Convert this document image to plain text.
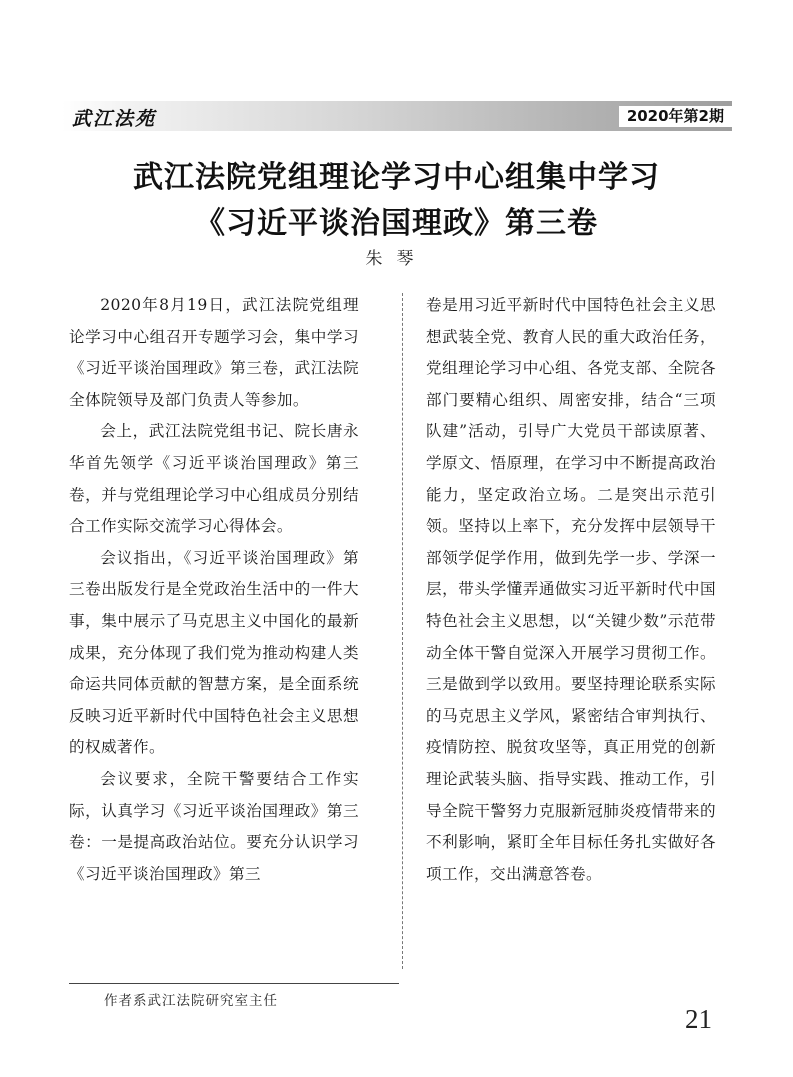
武江法苑	2020年第2期
武江法院党组理论学习中心组集中学习
《习近平谈治国理政》第三卷
朱琴

2020年8月19日，武江法院党组理论学习中心组召开专题学习会，集中学习《习近平谈治国理政》第三卷，武江法院全体院领导及部门负责人等参加。

会上，武江法院党组书记、院长唐永华首先领学《习近平谈治国理政》第三卷，并与党组理论学习中心组成员分别结合工作实际交流学习心得体会。

会议指出，《习近平谈治国理政》第三卷出版发行是全党政治生活中的一件大事，集中展示了马克思主义中国化的最新成果，充分体现了我们党为推动构建人类命运共同体贡献的智慧方案，是全面系统反映习近平新时代中国特色社会主义思想的权威著作。

会议要求，全院干警要结合工作实际，认真学习《习近平谈治国理政》第三卷：一是提高政治站位。要充分认识学习《习近平谈治国理政》第三

卷是用习近平新时代中国特色社会主义思想武装全党、教育人民的重大政治任务，党组理论学习中心组、各党支部、全院各部门要精心组织、周密安排，结合“三项队建”活动，引导广大党员干部读原著、学原文、悟原理，在学习中不断提高政治能力，坚定政治立场。二是突出示范引领。坚持以上率下，充分发挥中层领导干部领学促学作用，做到先学一步、学深一层，带头学懂弄通做实习近平新时代中国特色社会主义思想，以“关键少数”示范带动全体干警自觉深入开展学习贯彻工作。三是做到学以致用。要坚持理论联系实际的马克思主义学风，紧密结合审判执行、疫情防控、脱贫攻坚等，真正用党的创新理论武装头脑、指导实践、推动工作，引导全院干警努力克服新冠肺炎疫情带来的不利影响，紧盯全年目标任务扎实做好各项工作，交出满意答卷。

作者系武江法院研究室主任
21
